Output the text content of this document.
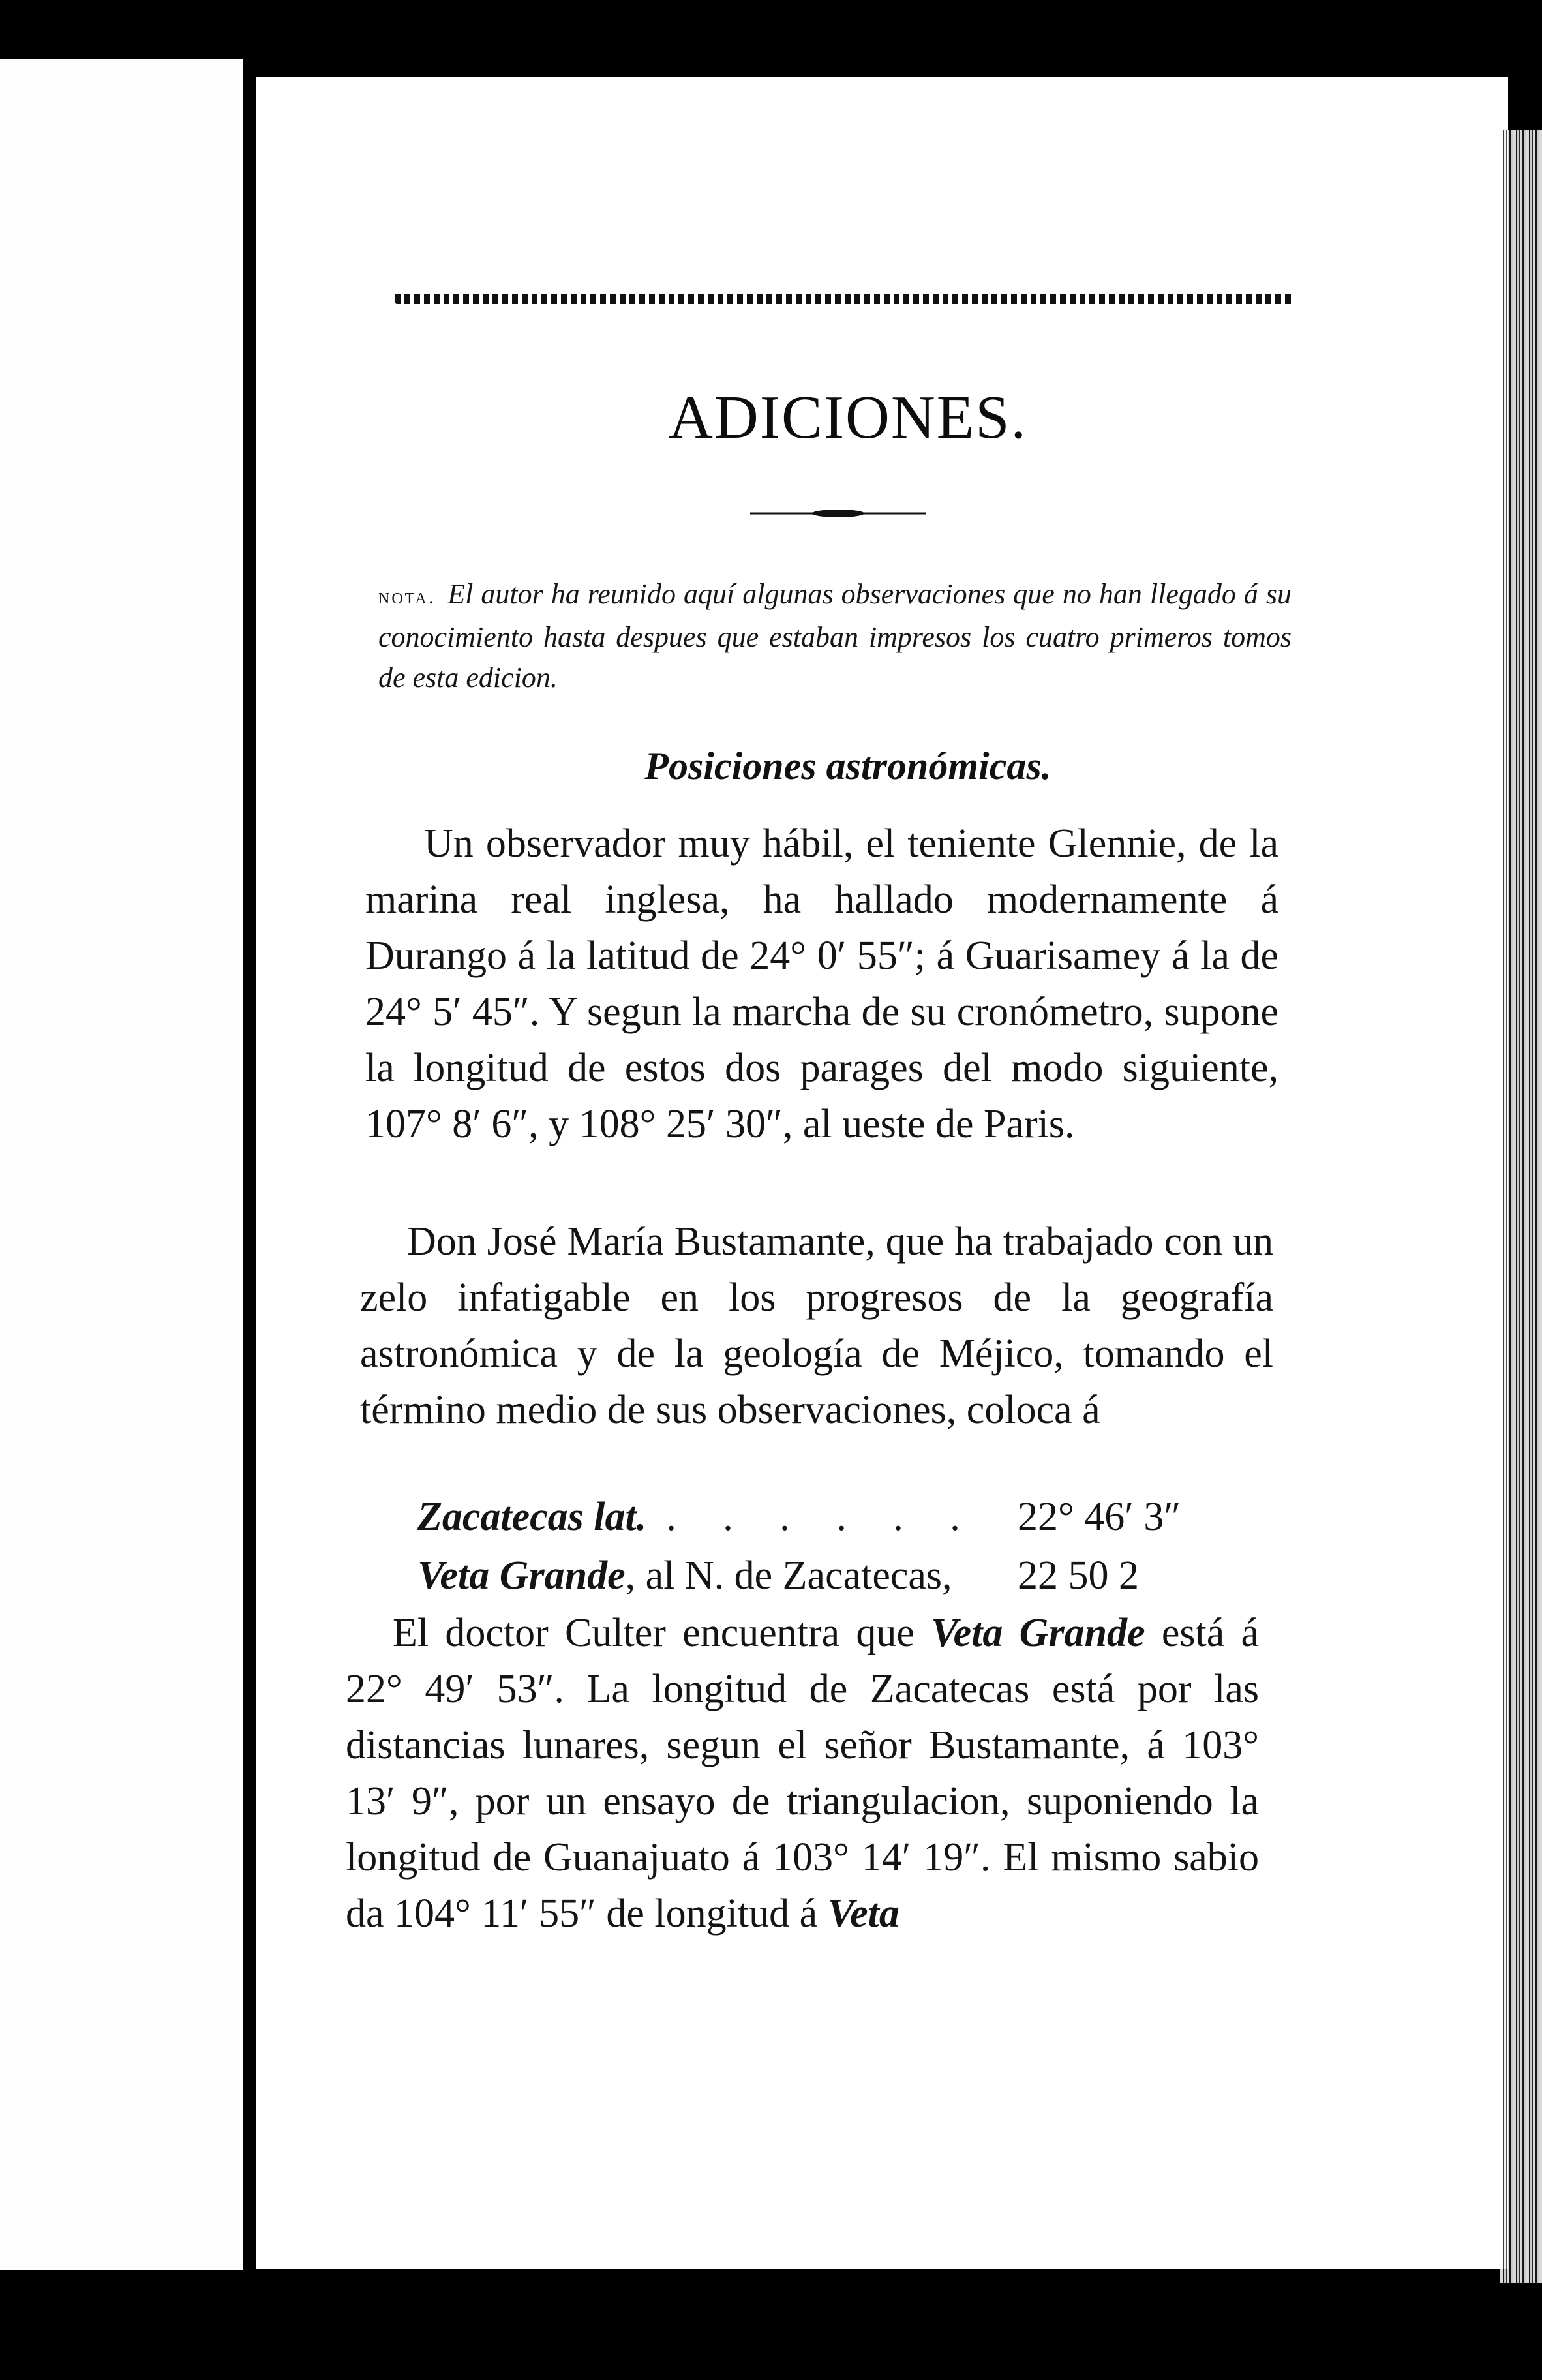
ADICIONES.
nota. El autor ha reunido aquí algunas observaciones que no han llegado á su conocimiento hasta despues que estaban impresos los cuatro primeros tomos de esta edicion.
Posiciones astronómicas.
Un observador muy hábil, el teniente Glennie, de la marina real inglesa, ha hallado modernamente á Durango á la latitud de 24° 0′ 55″; á Guarisamey á la de 24° 5′ 45″. Y segun la marcha de su cronómetro, supone la longitud de estos dos parages del modo siguiente, 107° 8′ 6″, y 108° 25′ 30″, al ueste de Paris.
Don José María Bustamante, que ha trabajado con un zelo infatigable en los progresos de la geografía astronómica y de la geología de Méjico, tomando el término medio de sus observaciones, coloca á
Zacatecas lat. . . . . . . 22° 46′ 3″
Veta Grande, al N. de Zacatecas, 22 50 2
El doctor Culter encuentra que Veta Grande está á 22° 49′ 53″. La longitud de Zacatecas está por las distancias lunares, segun el señor Bustamante, á 103° 13′ 9″, por un ensayo de triangulacion, suponiendo la longitud de Guanajuato á 103° 14′ 19″. El mismo sabio da 104° 11′ 55″ de longitud á Veta
